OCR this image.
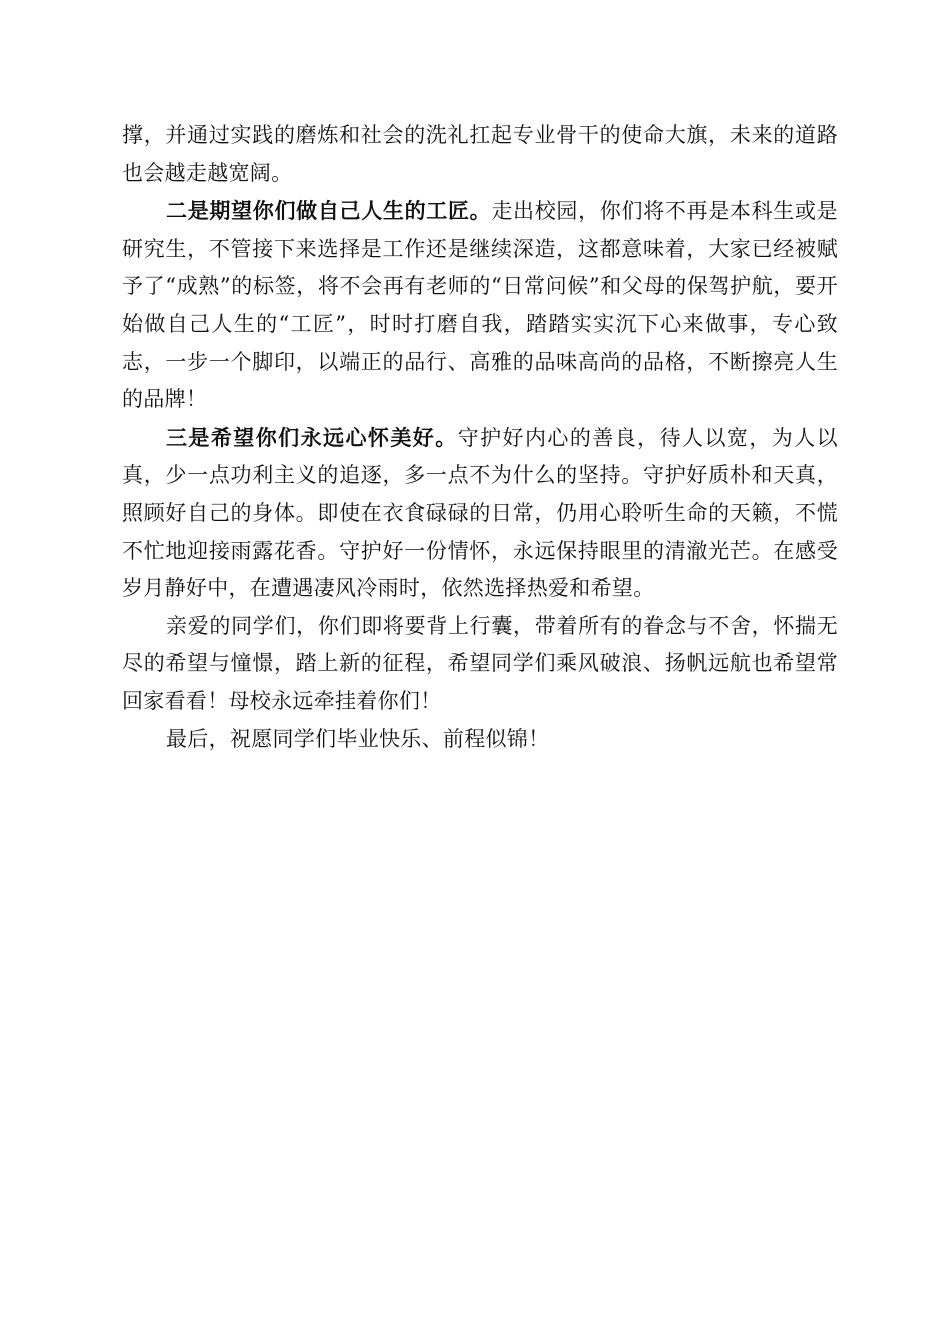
撑，并通过实践的磨炼和社会的洗礼扛起专业骨干的使命大旗，未来的道路也会越走越宽阔。

二是期望你们做自己人生的工匠。走出校园，你们将不再是本科生或是研究生，不管接下来选择是工作还是继续深造，这都意味着，大家已经被赋予了“成熟”的标签，将不会再有老师的“日常问候”和父母的保驾护航，要开始做自己人生的“工匠”，时时打磨自我，踏踏实实沉下心来做事，专心致志，一步一个脚印，以端正的品行、高雅的品味高尚的品格，不断擦亮人生的品牌！

三是希望你们永远心怀美好。守护好内心的善良，待人以宽，为人以真，少一点功利主义的追逐，多一点不为什么的坚持。守护好质朴和天真，照顾好自己的身体。即使在衣食碌碌的日常，仍用心聆听生命的天籁，不慌不忙地迎接雨露花香。守护好一份情怀，永远保持眼里的清澈光芒。在感受岁月静好中，在遭遇凄风冷雨时，依然选择热爱和希望。

亲爱的同学们，你们即将要背上行囊，带着所有的眷念与不舍，怀揣无尽的希望与憧憬，踏上新的征程，希望同学们乘风破浪、扬帆远航也希望常回家看看！母校永远牵挂着你们！

最后，祝愿同学们毕业快乐、前程似锦！
